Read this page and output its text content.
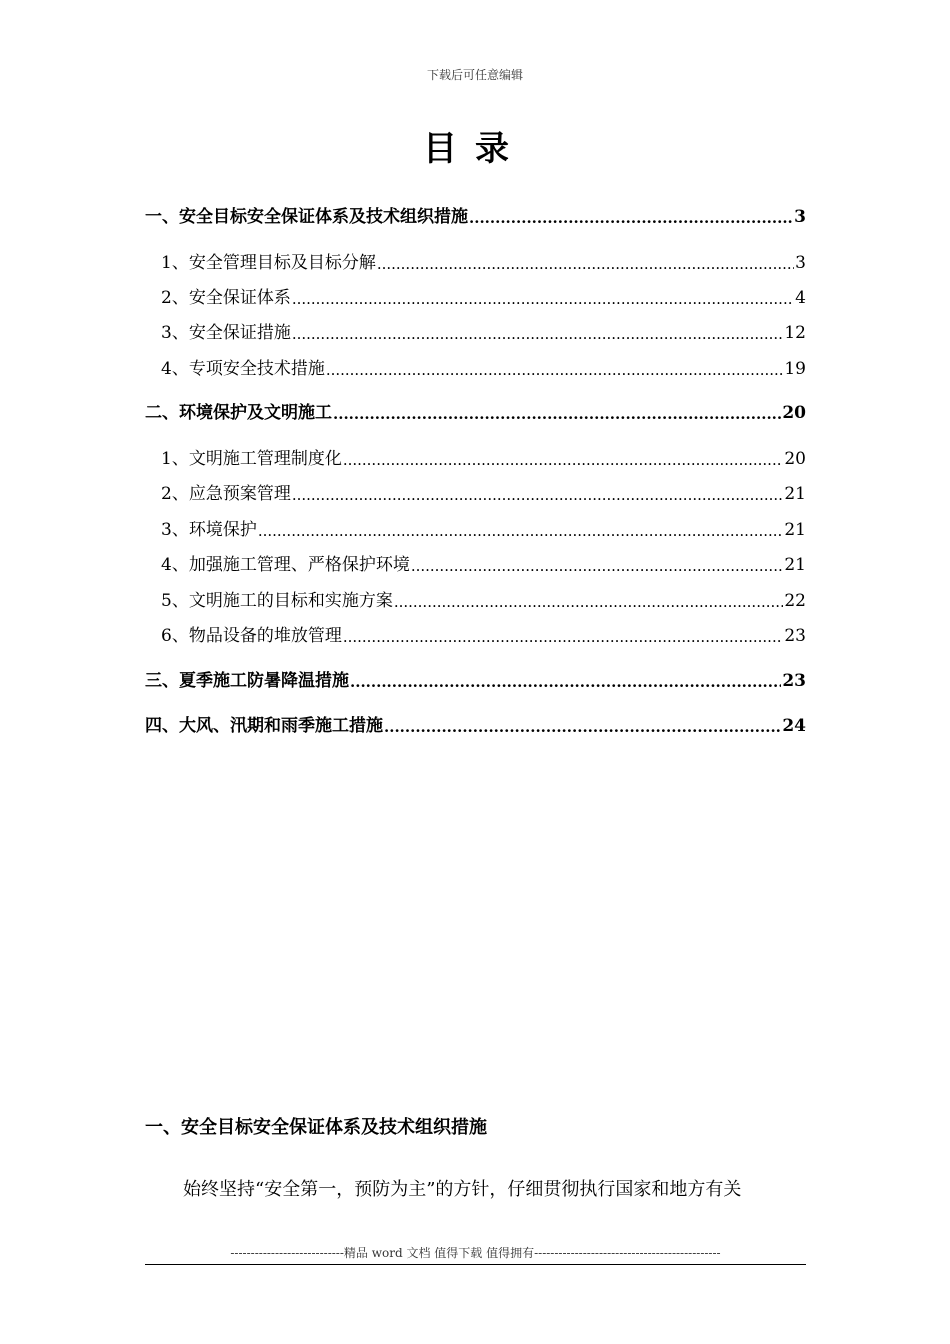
下载后可任意编辑
目录
一、安全目标安全保证体系及技术组织措施 .....	3
1、安全管理目标及目标分解 .....	3
2、安全保证体系 .....	4
3、安全保证措施 .....	12
4、专项安全技术措施 .....	19
二、环境保护及文明施工 .....	20
1、文明施工管理制度化 .....	20
2、应急预案管理 .....	21
3、环境保护 .....	21
4、加强施工管理、严格保护环境 .....	21
5、文明施工的目标和实施方案 .....	22
6、物品设备的堆放管理 .....	23
三、夏季施工防暑降温措施 .....	23
四、大风、汛期和雨季施工措施 .....	24
一、安全目标安全保证体系及技术组织措施

始终坚持“安全第一，预防为主”的方针，仔细贯彻执行国家和地方有关

----------------------------精品 word 文档 值得下载 值得拥有----------------------------------------------
